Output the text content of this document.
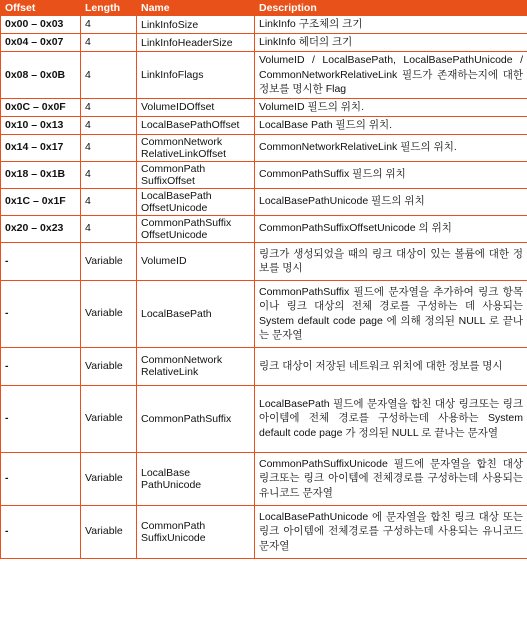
Offset	Length	Name	Description
0x00 – 0x03	4	LinkInfoSize	LinkInfo 구조체의 크기
0x04 – 0x07	4	LinkInfoHeaderSize	LinkInfo 헤더의 크기
0x08 – 0x0B	4	LinkInfoFlags	VolumeID / LocalBasePath, LocalBasePathUnicode / CommonNetworkRelativeLink 필드가 존재하는지에 대한 정보를 명시한 Flag
0x0C – 0x0F	4	VolumeIDOffset	VolumeID 필드의 위치.
0x10 – 0x13	4	LocalBasePathOffset	LocalBase Path 필드의 위치.
0x14 – 0x17	4	CommonNetwork RelativeLinkOffset	CommonNetworkRelativeLink 필드의 위치.
0x18 – 0x1B	4	CommonPath SuffixOffset	CommonPathSuffix 필드의 위치
0x1C – 0x1F	4	LocalBasePath OffsetUnicode	LocalBasePathUnicode 필드의 위치
0x20 – 0x23	4	CommonPathSuffix OffsetUnicode	CommonPathSuffixOffsetUnicode 의 위치
-	Variable	VolumeID	링크가 생성되었을 때의 링크 대상이 있는 볼륨에 대한 정보를 명시
-	Variable	LocalBasePath	CommonPathSuffix 필드에 문자열을 추가하여 링크 항목이나 링크 대상의 전체 경로를 구성하는 데 사용되는 System default code page 에 의해 정의된 NULL 로 끝나는 문자열
-	Variable	CommonNetwork RelativeLink	링크 대상이 저장된 네트워크 위치에 대한 정보를 명시
-	Variable	CommonPathSuffix	LocalBasePath 필드에 문자열을 합친 대상 링크또는 링크 아이템에 전체 경로를 구성하는데 사용하는 System default code page 가 정의된 NULL 로 끝나는 문자열
-	Variable	LocalBase PathUnicode	CommonPathSuffixUnicode 필드에 문자열을 합친 대상 링크또는 링크 아이템에 전체경로를 구성하는데 사용되는 유니코드 문자열
-	Variable	CommonPath SuffixUnicode	LocalBasePathUnicode 에 문자열을 합친 링크 대상 또는 링크 아이템에 전체경로를 구성하는데 사용되는 유니코드 문자열
